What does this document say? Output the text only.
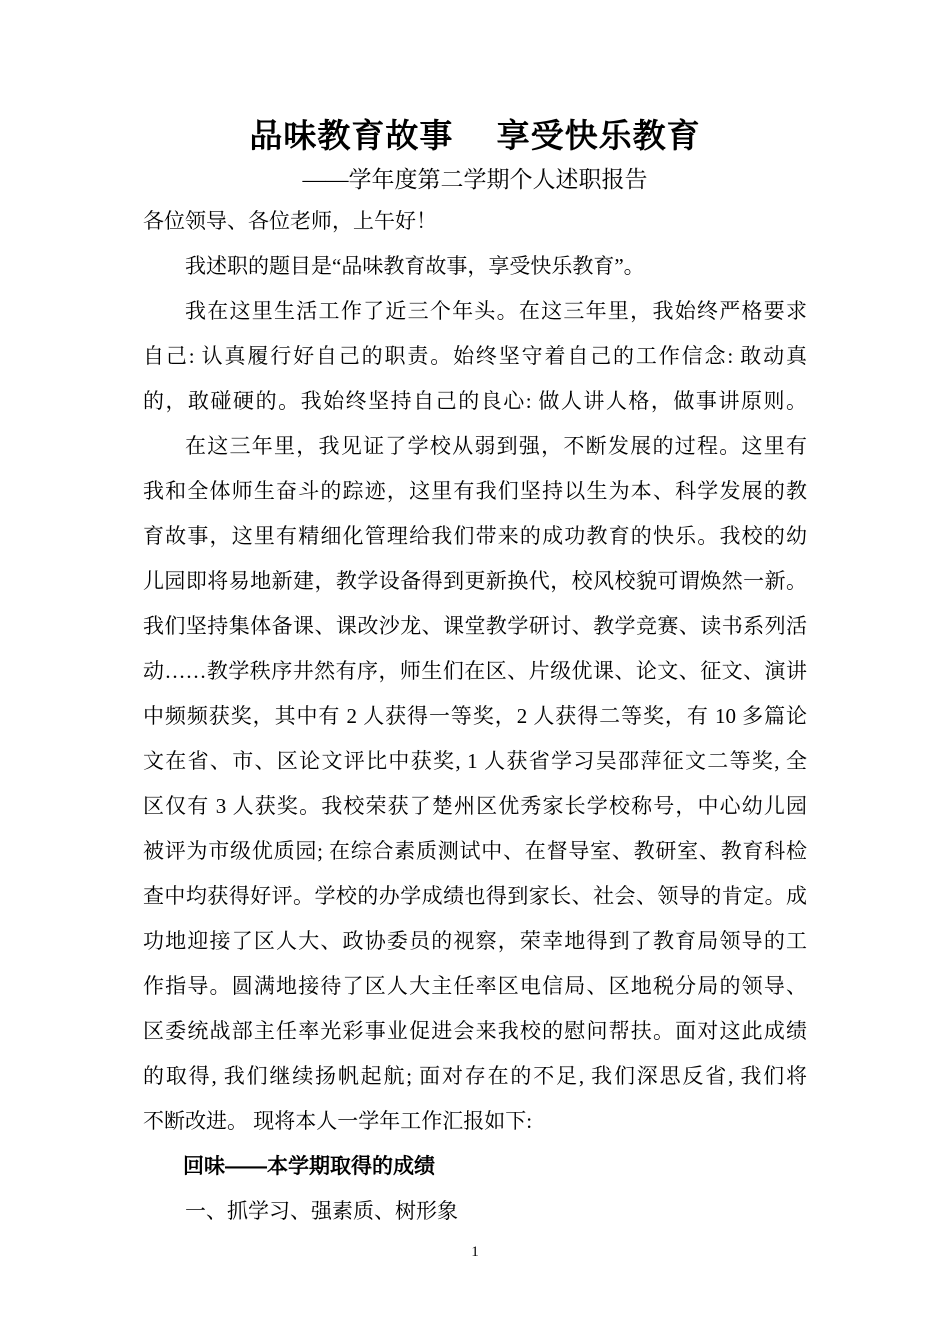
品味教育故事　 享受快乐教育
——学年度第二学期个人述职报告
各位领导、各位老师，上午好！
我述职的题目是“品味教育故事，享受快乐教育”。
我在这里生活工作了近三个年头。在这三年里，我始终严格要求
自己: 认真履行好自己的职责。始终坚守着自己的工作信念: 敢动真
的，敢碰硬的。我始终坚持自己的良心: 做人讲人格，做事讲原则。
在这三年里，我见证了学校从弱到强，不断发展的过程。这里有
我和全体师生奋斗的踪迹，这里有我们坚持以生为本、科学发展的教
育故事，这里有精细化管理给我们带来的成功教育的快乐。我校的幼
儿园即将易地新建，教学设备得到更新换代，校风校貌可谓焕然一新。
我们坚持集体备课、课改沙龙、课堂教学研讨、教学竞赛、读书系列活
动……教学秩序井然有序，师生们在区、片级优课、论文、征文、演讲
中频频获奖，其中有 2 人获得一等奖，2 人获得二等奖，有 10 多篇论
文在省、市、区论文评比中获奖, 1 人获省学习吴邵萍征文二等奖, 全
区仅有 3 人获奖。我校荣获了楚州区优秀家长学校称号，中心幼儿园
被评为市级优质园; 在综合素质测试中、在督导室、教研室、教育科检
查中均获得好评。学校的办学成绩也得到家长、社会、领导的肯定。成
功地迎接了区人大、政协委员的视察，荣幸地得到了教育局领导的工
作指导。圆满地接待了区人大主任率区电信局、区地税分局的领导、
区委统战部主任率光彩事业促进会来我校的慰问帮扶。面对这此成绩
的取得, 我们继续扬帆起航; 面对存在的不足, 我们深思反省, 我们将
不断改进。 现将本人一学年工作汇报如下:
回味——本学期取得的成绩
一、抓学习、强素质、树形象
1
